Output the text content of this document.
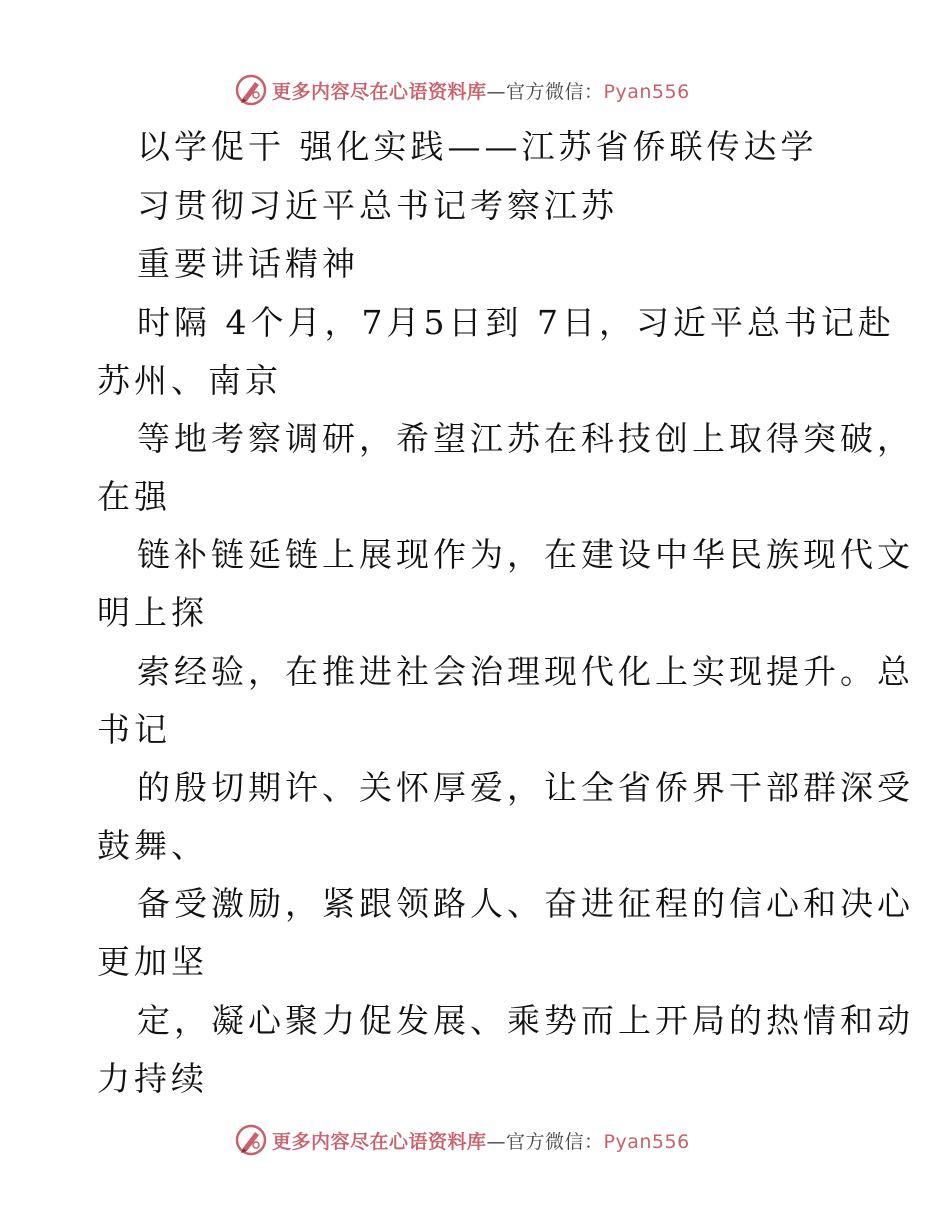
更多内容尽在心语资料库—官方微信：Pyan556
以学促干 强化实践——江苏省侨联传达学
习贯彻习近平总书记考察江苏
重要讲话精神
时隔 4个月，7月5日到 7日，习近平总书记赴
苏州、南京
等地考察调研，希望江苏在科技创上取得突破，
在强
链补链延链上展现作为，在建设中华民族现代文
明上探
索经验，在推进社会治理现代化上实现提升。总
书记
的殷切期许、关怀厚爱，让全省侨界干部群深受
鼓舞、
备受激励，紧跟领路人、奋进征程的信心和决心
更加坚
定，凝心聚力促发展、乘势而上开局的热情和动
力持续
更多内容尽在心语资料库—官方微信：Pyan556
